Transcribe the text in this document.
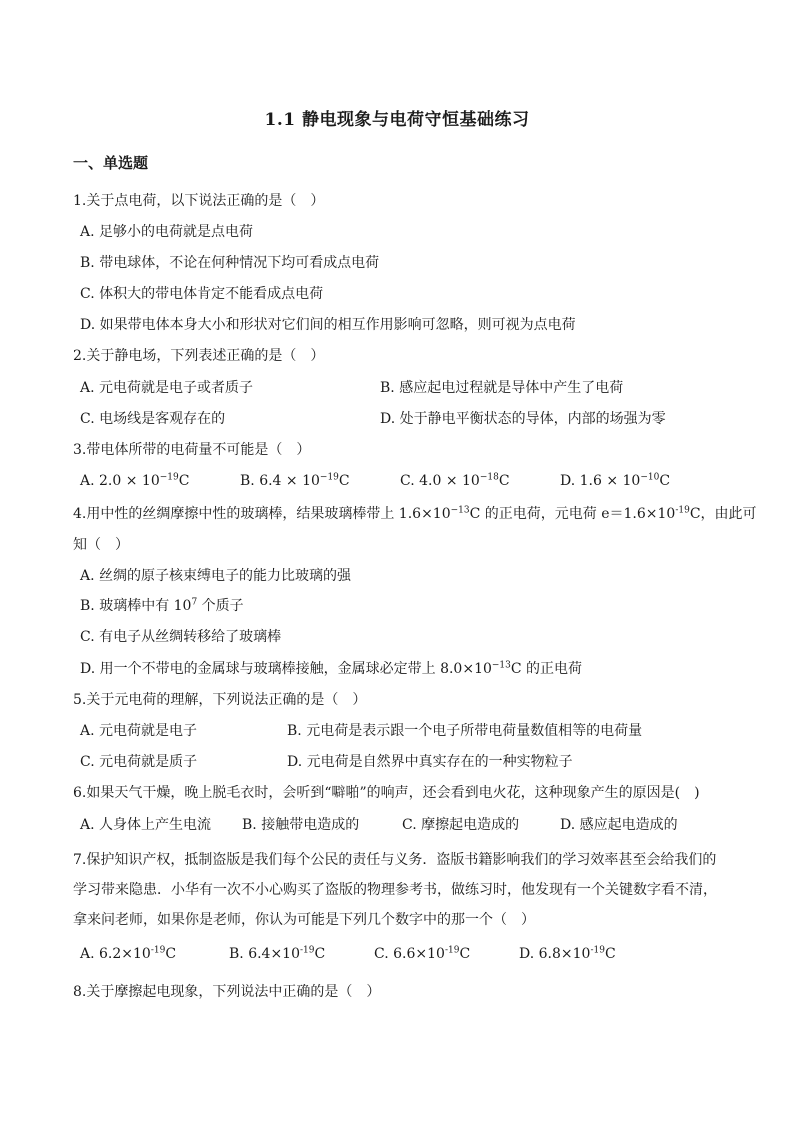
1.1 静电现象与电荷守恒基础练习
一、单选题
1.关于点电荷，以下说法正确的是（　）
A. 足够小的电荷就是点电荷
B. 带电球体，不论在何种情况下均可看成点电荷
C. 体积大的带电体肯定不能看成点电荷
D. 如果带电体本身大小和形状对它们间的相互作用影响可忽略，则可视为点电荷
2.关于静电场，下列表述正确的是（　）
A. 元电荷就是电子或者质子	B. 感应起电过程就是导体中产生了电荷
C. 电场线是客观存在的	D. 处于静电平衡状态的导体，内部的场强为零
3.带电体所带的电荷量不可能是（　）
A. $2.0 \times 10^{-19}C$	B. $6.4 \times 10^{-19}C$	C. $4.0 \times 10^{-18}C$	D. $1.6 \times 10^{-10}C$
4.用中性的丝绸摩擦中性的玻璃棒，结果玻璃棒带上 $1.6\times 10^{-13}C$ 的正电荷，元电荷 $e=1.6\times 10^{-19}C$，由此可
知（　）
A. 丝绸的原子核束缚电子的能力比玻璃的强
B. 玻璃棒中有 $10^7$ 个质子
C. 有电子从丝绸转移给了玻璃棒
D. 用一个不带电的金属球与玻璃棒接触，金属球必定带上 $8.0\times 10^{-13}C$ 的正电荷
5.关于元电荷的理解，下列说法正确的是（　）
A. 元电荷就是电子	B. 元电荷是表示跟一个电子所带电荷量数值相等的电荷量
C. 元电荷就是质子	D. 元电荷是自然界中真实存在的一种实物粒子
6.如果天气干燥，晚上脱毛衣时，会听到“噼啪”的响声，还会看到电火花，这种现象产生的原因是(　)
A. 人身体上产生电流 B. 接触带电造成的	C. 摩擦起电造成的	D. 感应起电造成的
7.保护知识产权，抵制盗版是我们每个公民的责任与义务．盗版书籍影响我们的学习效率甚至会给我们的学习带来隐患．小华有一次不小心购买了盗版的物理参考书，做练习时，他发现有一个关键数字看不清，拿来问老师，如果你是老师，你认为可能是下列几个数字中的那一个（　）
A. $6.2\times 10^{-19}C$	B. $6.4\times 10^{-19}C$	C. $6.6\times 10^{-19}C$	D. $6.8\times 10^{-19}C$
8.关于摩擦起电现象，下列说法中正确的是（　）
